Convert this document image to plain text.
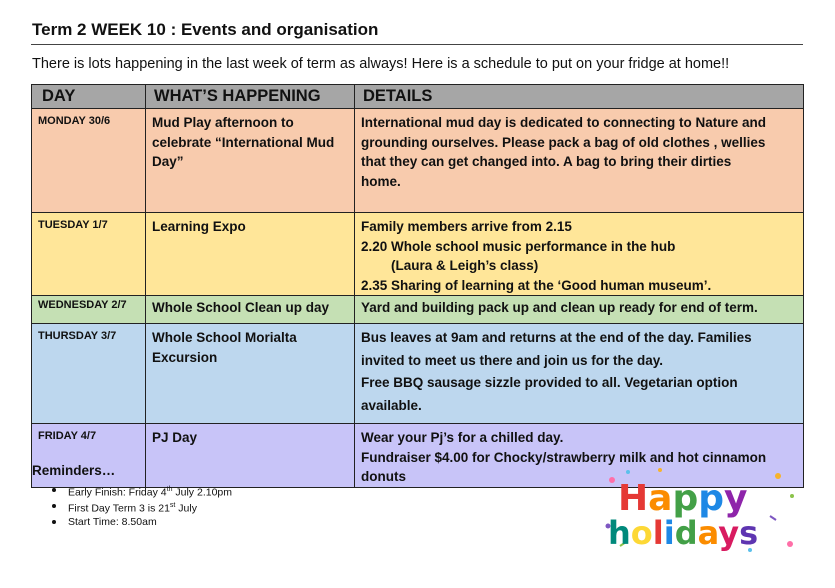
Term 2 WEEK 10 : Events and organisation
There is lots happening in the last week of term as always! Here is a schedule to put on your fridge at home!!
DAY	WHAT’S HAPPENING	DETAILS
MONDAY 30/6	Mud Play afternoon to celebrate “International Mud Day”	International mud day is dedicated to connecting to Nature and
grounding ourselves. Please pack a bag of old clothes , wellies
that they can get changed into. A bag to bring their dirties
home.

TUESDAY 1/7	Learning Expo	Family members arrive from 2.15
2.20 Whole school music performance in the hub
(Laura & Leigh’s class)
2.35 Sharing of learning at the ‘Good human museum’.

WEDNESDAY 2/7	Whole School Clean up day	Yard and building pack up and clean up ready for end of term.

THURSDAY 3/7	Whole School Morialta Excursion	Bus leaves at 9am and returns at the end of the day. Families
invited to meet us there and join us for the day.
Free BBQ sausage sizzle provided to all. Vegetarian option
available.

FRIDAY 4/7	PJ Day	Wear your Pj’s for a chilled day.
Fundraiser $4.00 for Chocky/strawberry milk and hot cinnamon
donuts
Reminders…
Early Finish: Friday 4th July 2.10pm
First Day Term 3 is 21st July
Start Time: 8.50am
Happy
holidays
